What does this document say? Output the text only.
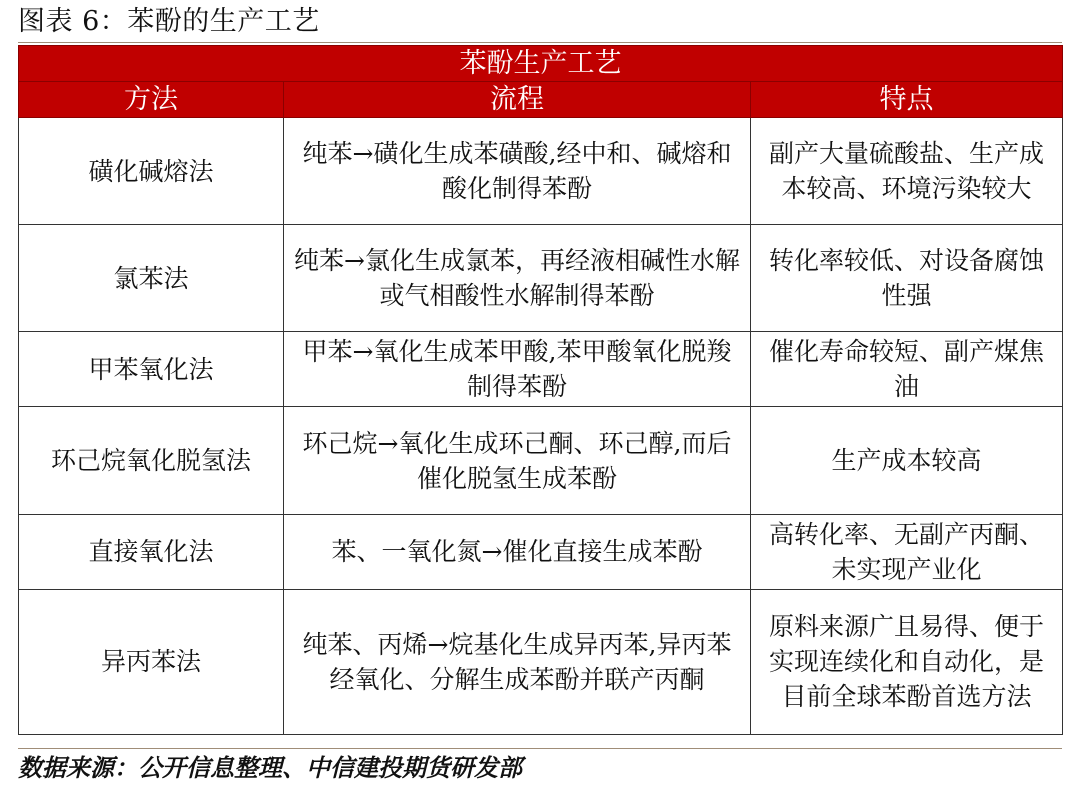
图表 6：苯酚的生产工艺
苯酚生产工艺		
方法	流程	特点
磺化碱熔法	纯苯→磺化生成苯磺酸,经中和、碱熔和酸化制得苯酚	副产大量硫酸盐、生产成本较高、环境污染较大
氯苯法	纯苯→氯化生成氯苯，再经液相碱性水解或气相酸性水解制得苯酚	转化率较低、对设备腐蚀性强
甲苯氧化法	甲苯→氧化生成苯甲酸,苯甲酸氧化脱羧制得苯酚	催化寿命较短、副产煤焦油
环己烷氧化脱氢法	环己烷→氧化生成环己酮、环己醇,而后催化脱氢生成苯酚	生产成本较高
直接氧化法	苯、一氧化氮→催化直接生成苯酚	高转化率、无副产丙酮、未实现产业化
异丙苯法	纯苯、丙烯→烷基化生成异丙苯,异丙苯经氧化、分解生成苯酚并联产丙酮	原料来源广且易得、便于实现连续化和自动化，是目前全球苯酚首选方法
数据来源：公开信息整理、中信建投期货研发部
